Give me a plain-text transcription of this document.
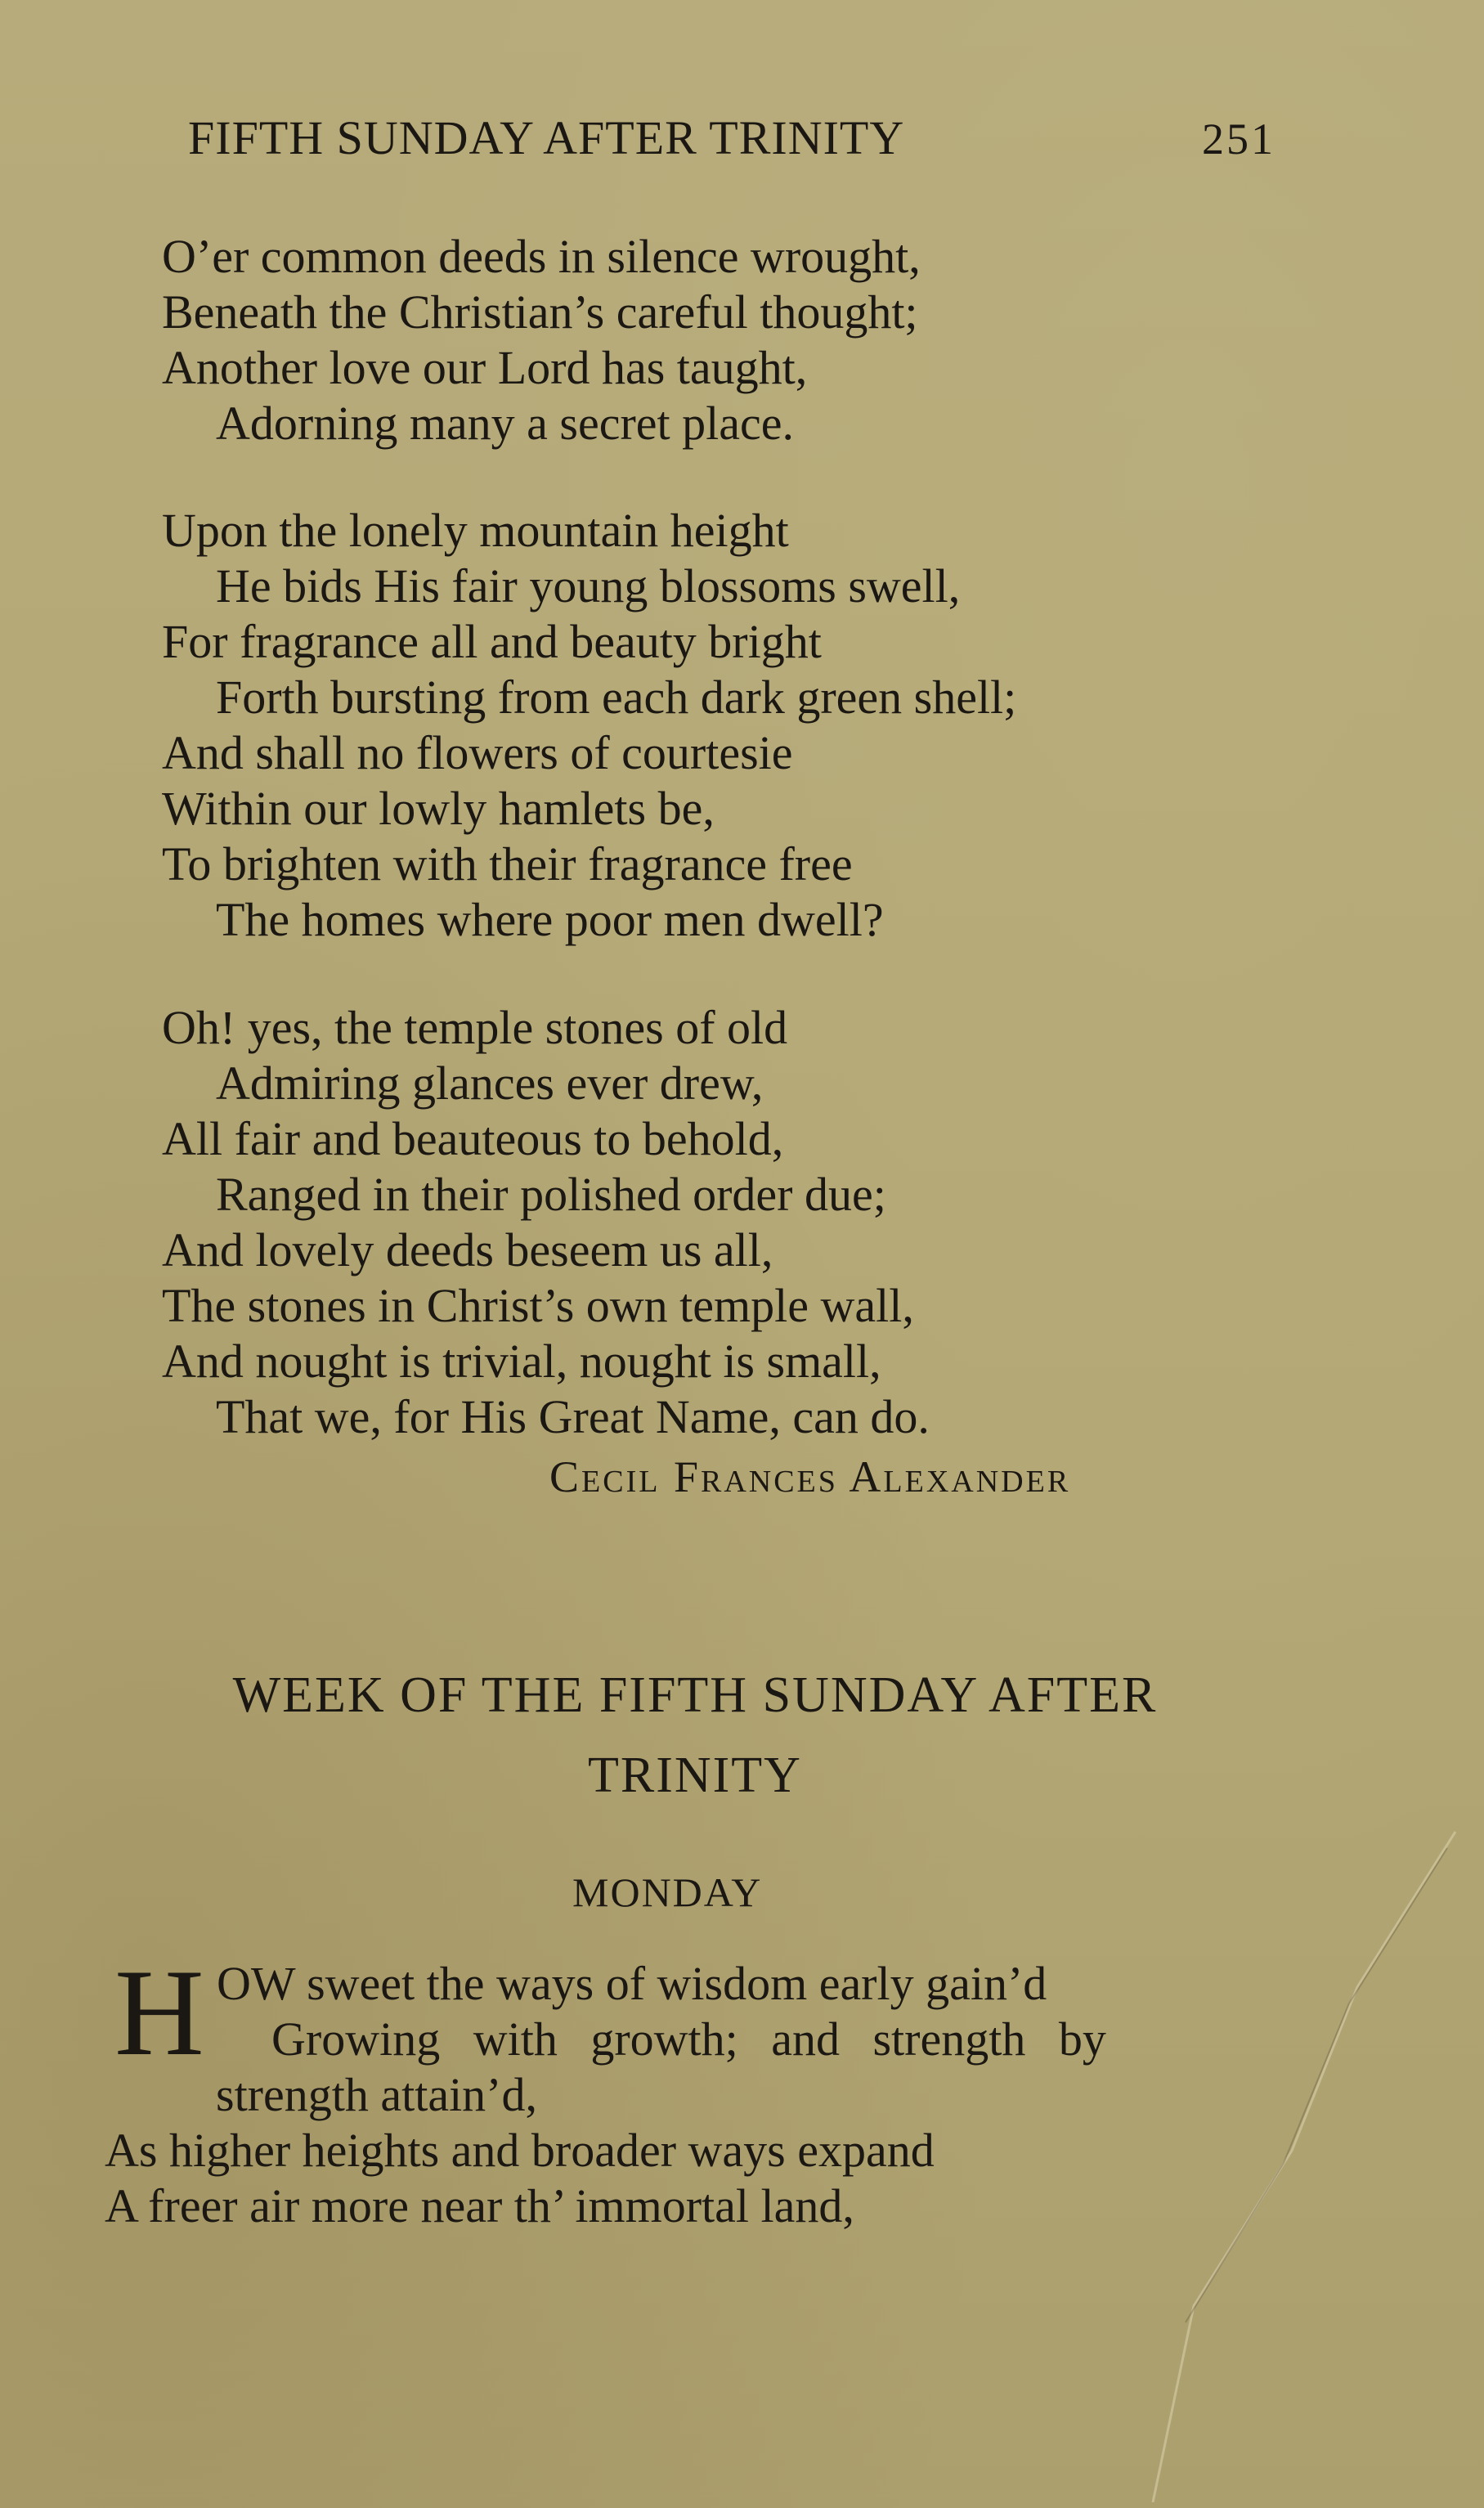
FIFTH SUNDAY AFTER TRINITY	251
O’er common deeds in silence wrought,
Beneath the Christian’s careful thought;
Another love our Lord has taught,
Adorning many a secret place.
Upon the lonely mountain height
He bids His fair young blossoms swell,
For fragrance all and beauty bright
Forth bursting from each dark green shell;
And shall no flowers of courtesie
Within our lowly hamlets be,
To brighten with their fragrance free
The homes where poor men dwell?
Oh! yes, the temple stones of old
Admiring glances ever drew,
All fair and beauteous to behold,
Ranged in their polished order due;
And lovely deeds beseem us all,
The stones in Christ’s own temple wall,
And nought is trivial, nought is small,
That we, for His Great Name, can do.
Cecil Frances Alexander
WEEK OF THE FIFTH SUNDAY AFTER
TRINITY
MONDAY
H OW sweet the ways of wisdom early gain’d
Growing with growth; and strength by
strength attain’d,
As higher heights and broader ways expand
A freer air more near th’ immortal land,
